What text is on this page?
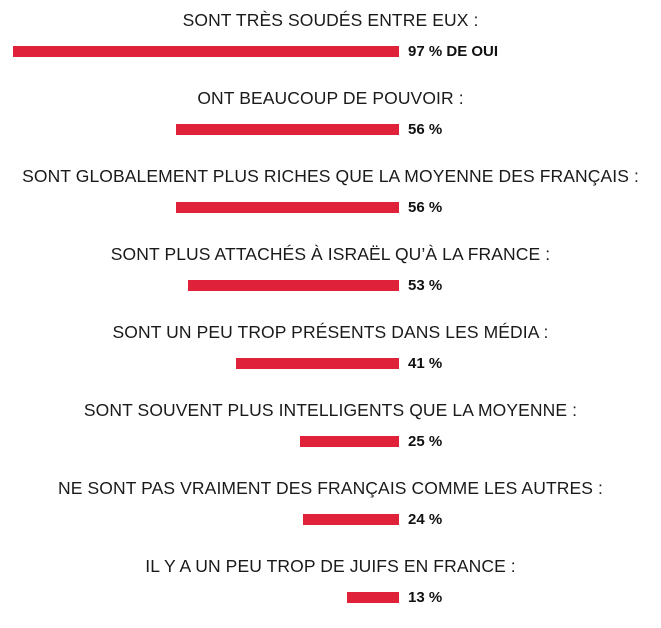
SONT TRÈS SOUDÉS ENTRE EUX :
97 % DE OUI
ONT BEAUCOUP DE POUVOIR :
56 %
SONT GLOBALEMENT PLUS RICHES QUE LA MOYENNE DES FRANÇAIS :
56 %
SONT PLUS ATTACHÉS À ISRAËL QU’À LA FRANCE :
53 %
SONT UN PEU TROP PRÉSENTS DANS LES MÉDIA :
41 %
SONT SOUVENT PLUS INTELLIGENTS QUE LA MOYENNE :
25 %
NE SONT PAS VRAIMENT DES FRANÇAIS COMME LES AUTRES :
24 %
IL Y A UN PEU TROP DE JUIFS EN FRANCE :
13 %
